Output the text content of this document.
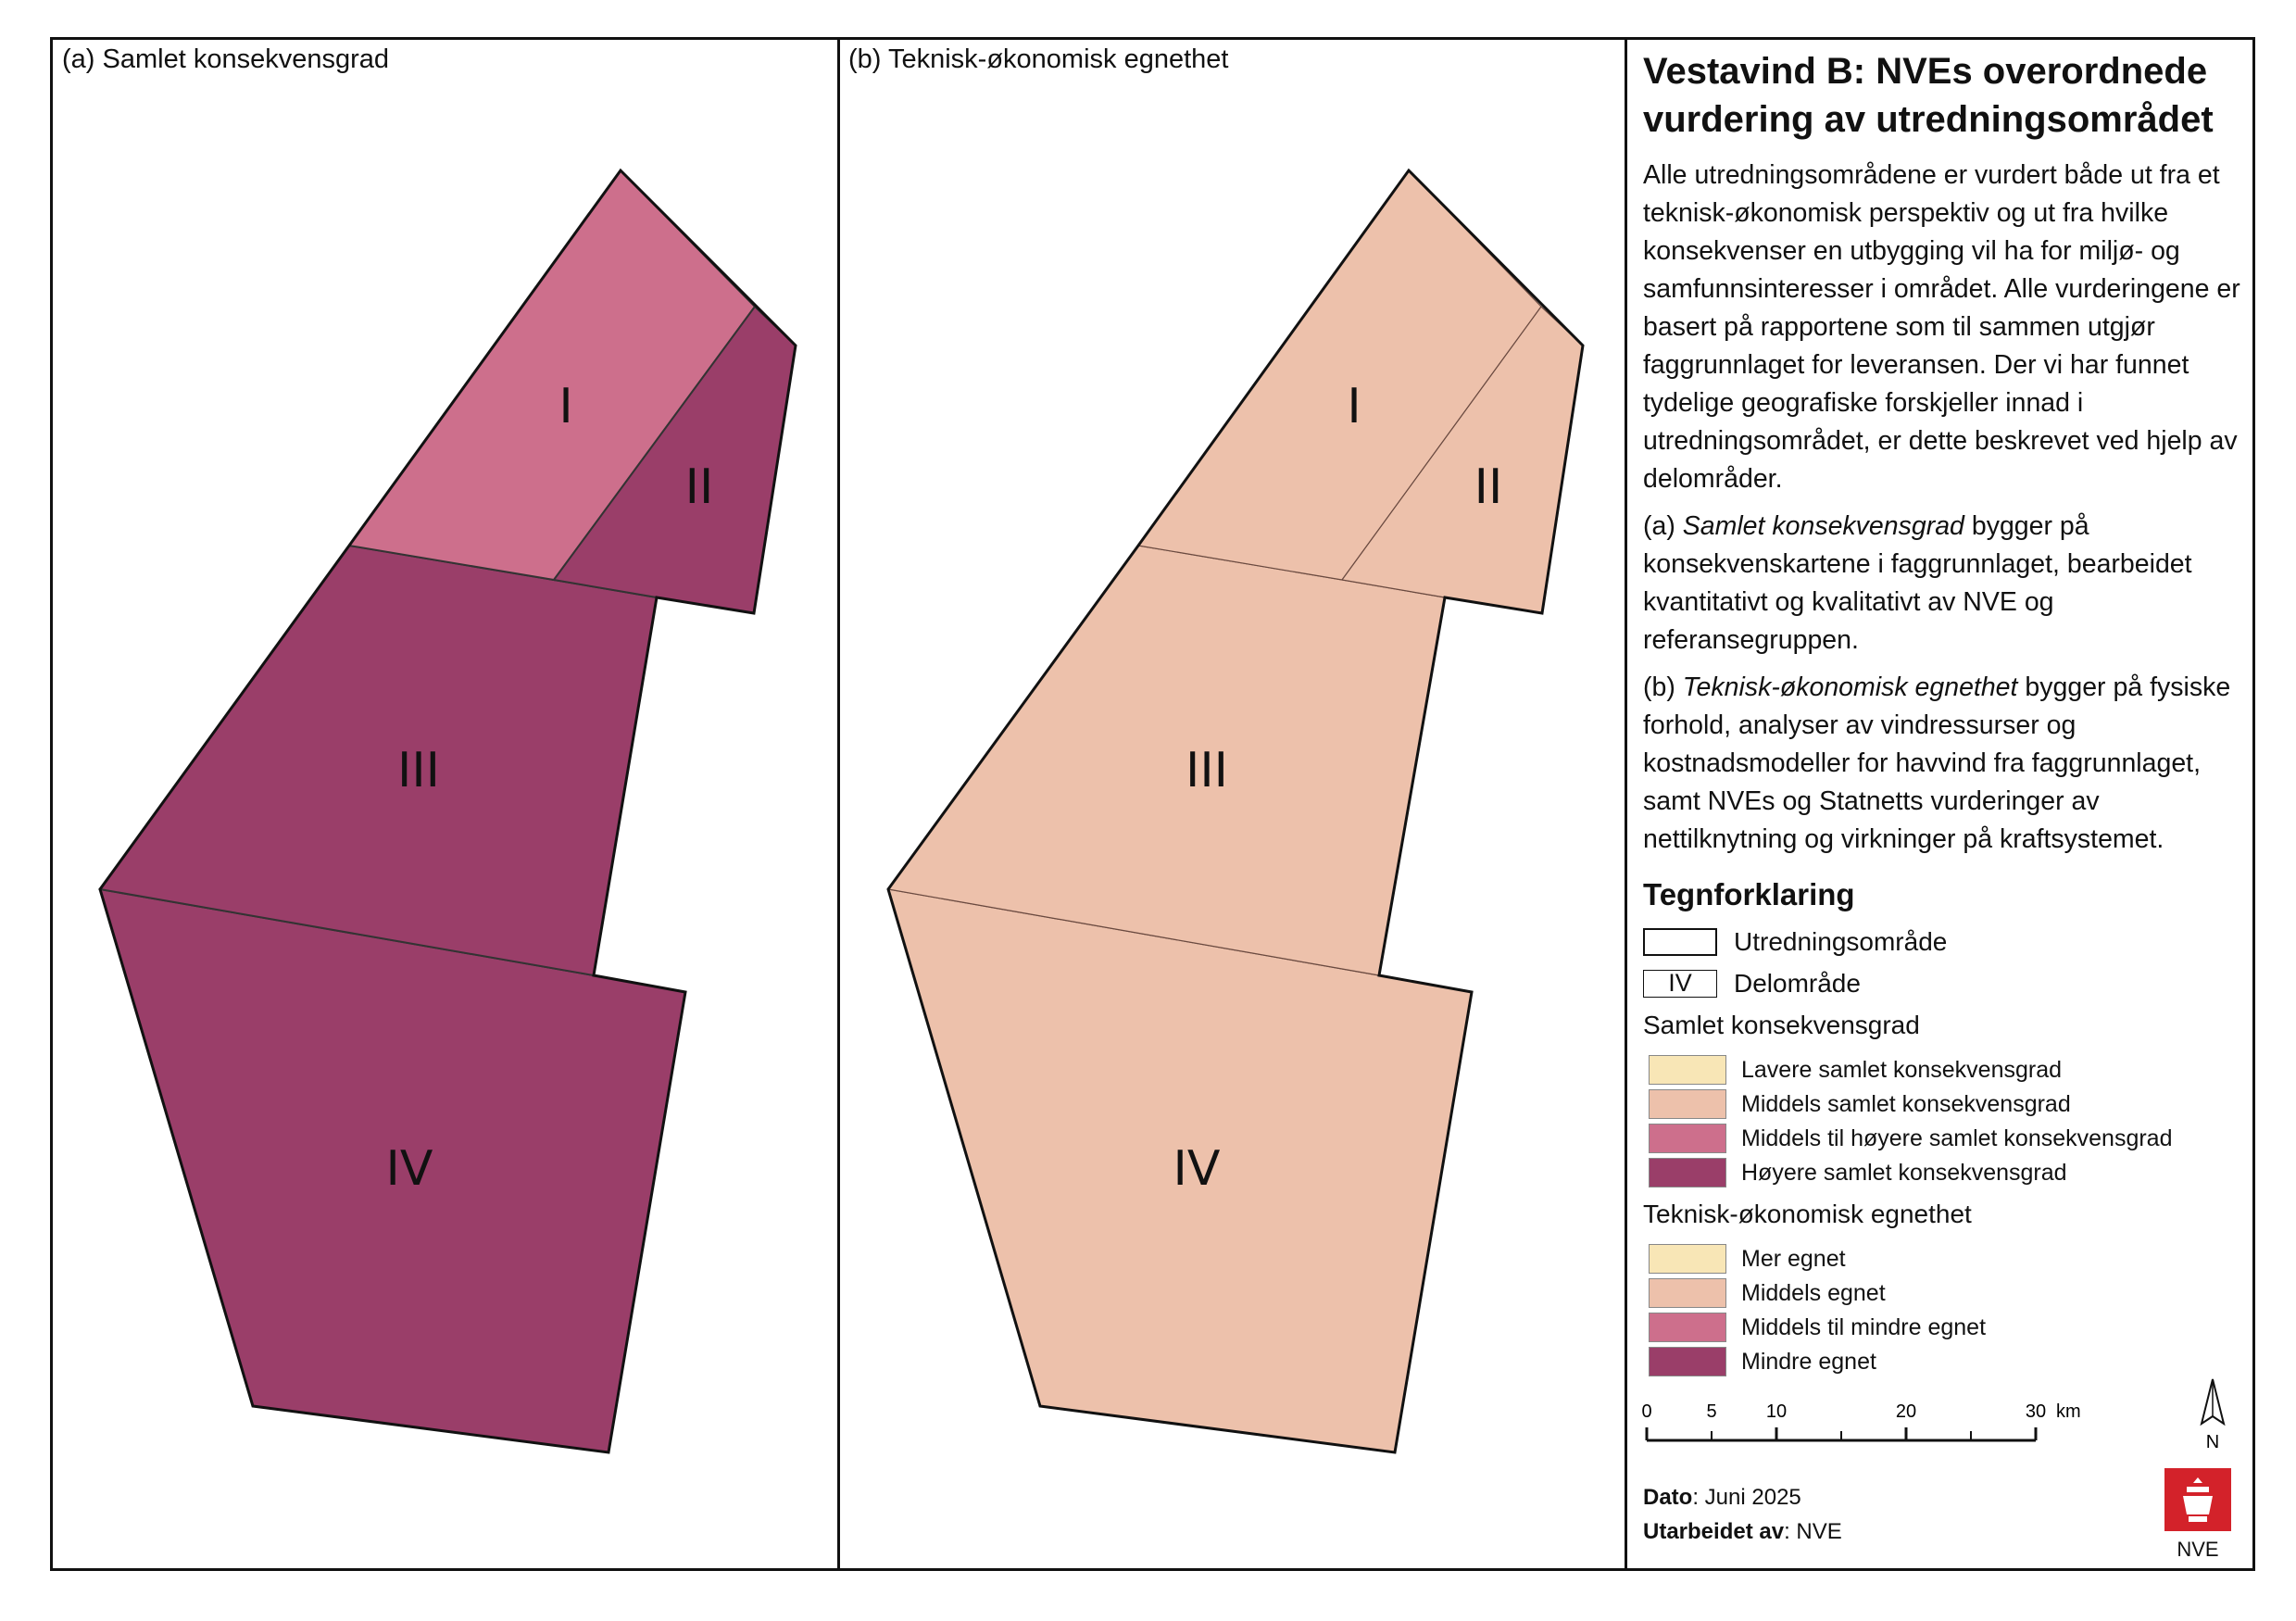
(a) Samlet konsekvensgrad
I
II
III
IV
(b) Teknisk-økonomisk egnethet
I
II
III
IV
Vestavind B: NVEs overordnede vurdering av utredningsområdet

Alle utredningsområdene er vurdert både ut fra et teknisk-økonomisk perspektiv og ut fra hvilke konsekvenser en utbygging vil ha for miljø- og samfunnsinteresser i området. Alle vurderingene er basert på rapportene som til sammen utgjør faggrunnlaget for leveransen. Der vi har funnet tydelige geografiske forskjeller innad i utredningsområdet, er dette beskrevet ved hjelp av delområder.

(a) Samlet konsekvensgrad bygger på konsekvenskartene i faggrunnlaget, bearbeidet kvantitativt og kvalitativt av NVE og referansegruppen.

(b) Teknisk-økonomisk egnethet bygger på fysiske forhold, analyser av vindressurser og kostnadsmodeller for havvind fra faggrunnlaget, samt NVEs og Statnetts vurderinger av nettilknytning og virkninger på kraftsystemet.

Tegnforklaring
Utredningsområde
IV	Delområde
Samlet konsekvensgrad
Lavere samlet konsekvensgrad
Middels samlet konsekvensgrad
Middels til høyere samlet konsekvensgrad
Høyere samlet konsekvensgrad
Teknisk-økonomisk egnethet
Mer egnet
Middels egnet
Middels til mindre egnet
Mindre egnet
0	5	10	20	30 km
Dato: Juni 2025
Utarbeidet av: NVE
N
NVE
